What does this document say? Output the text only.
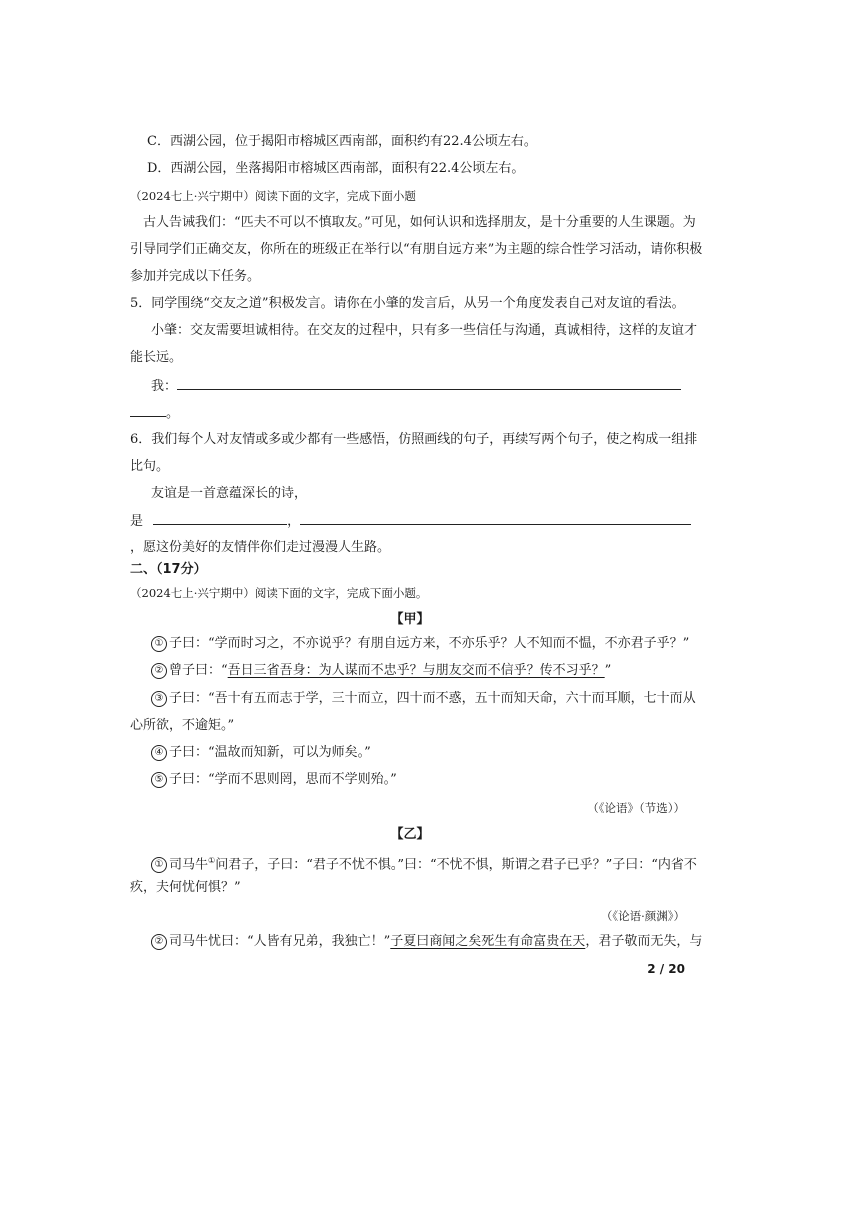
C．西湖公园，位于揭阳市榕城区西南部，面积约有22.4公顷左右。
D．西湖公园，坐落揭阳市榕城区西南部，面积有22.4公顷左右。
（2024七上·兴宁期中）阅读下面的文字，完成下面小题
古人告诫我们：“匹夫不可以不慎取友。”可见，如何认识和选择朋友，是十分重要的人生课题。为
引导同学们正确交友，你所在的班级正在举行以“有朋自远方来”为主题的综合性学习活动，请你积极
参加并完成以下任务。
5．同学围绕“交友之道”积极发言。请你在小肇的发言后，从另一个角度发表自己对友谊的看法。
小肇：交友需要坦诚相待。在交友的过程中，只有多一些信任与沟通，真诚相待，这样的友谊才
能长远。
我：
。
6．我们每个人对友情或多或少都有一些感悟，仿照画线的句子，再续写两个句子，使之构成一组排
比句。
友谊是一首意蕴深长的诗，
是	，
，愿这份美好的友情伴你们走过漫漫人生路。
二、（17分）
（2024七上·兴宁期中）阅读下面的文字，完成下面小题。
【甲】
① 子曰：“学而时习之，不亦说乎？有朋自远方来，不亦乐乎？人不知而不愠，不亦君子乎？”
② 曾子曰：“吾日三省吾身：为人谋而不忠乎？与朋友交而不信乎？传不习乎？”
③ 子曰：“吾十有五而志于学，三十而立，四十而不惑，五十而知天命，六十而耳顺，七十而从
心所欲，不逾矩。”
④ 子曰：“温故而知新，可以为师矣。”
⑤ 子曰：“学而不思则罔，思而不学则殆。”
（《论语》（节选））
【乙】
① 司马牛①问君子，子曰：“君子不忧不惧。”曰：“不忧不惧，斯谓之君子已乎？”子曰：“内省不
疚，夫何忧何惧？”
（《论语·颜渊》）
② 司马牛忧曰：“人皆有兄弟，我独亡！”子夏曰商闻之矣死生有命富贵在天，君子敬而无失，与
2 / 20
